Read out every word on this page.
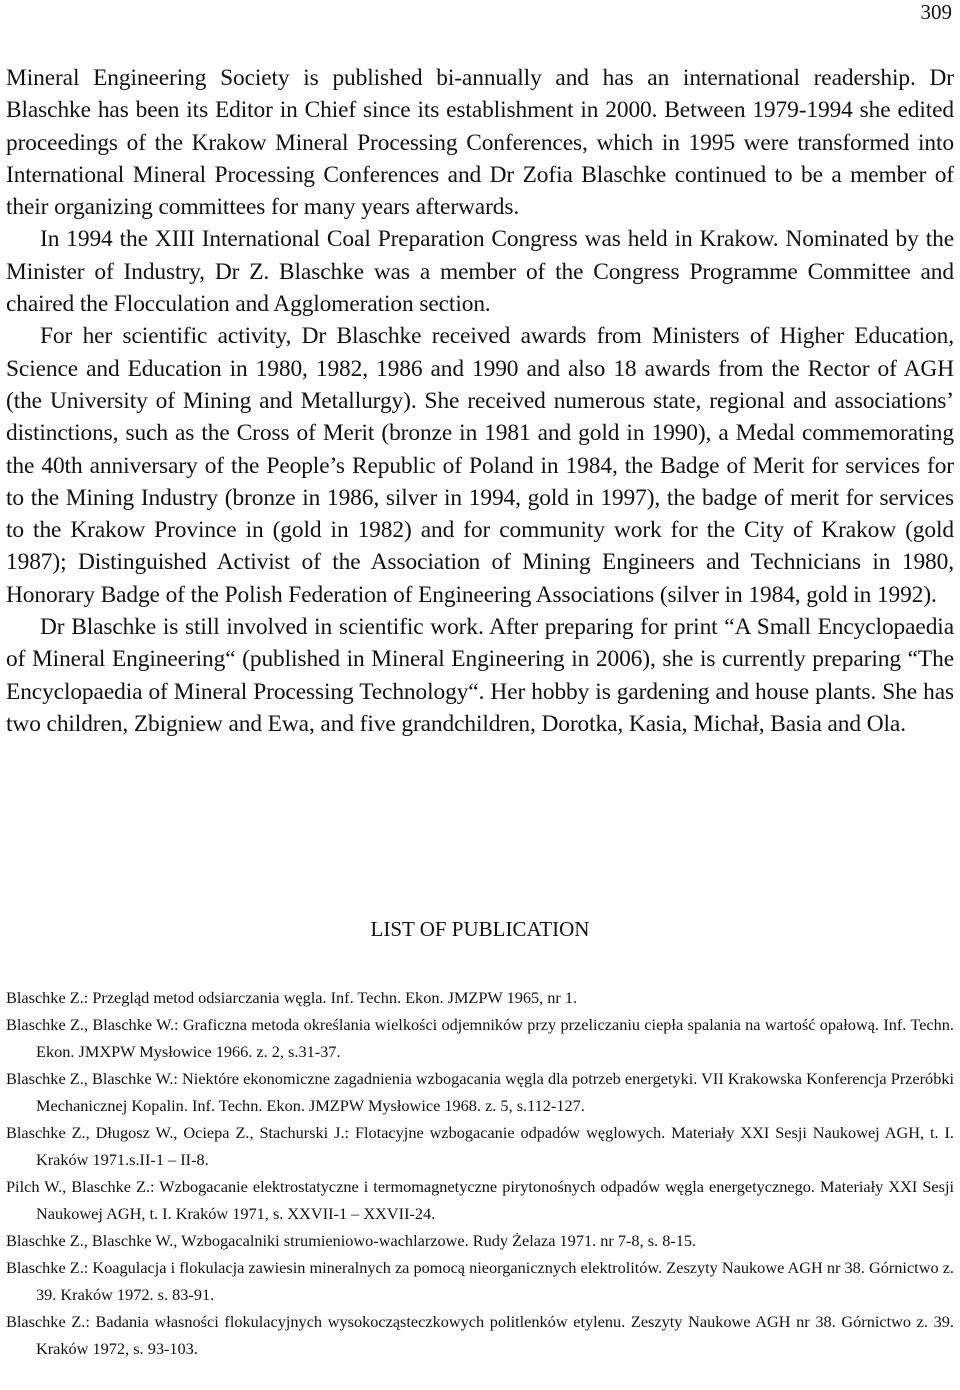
309

Mineral Engineering Society is published bi-annually and has an international readership. Dr Blaschke has been its Editor in Chief since its establishment in 2000. Between 1979-1994 she edited proceedings of the Krakow Mineral Processing Conferences, which in 1995 were transformed into International Mineral Processing Conferences and Dr Zofia Blaschke continued to be a member of their organizing committees for many years afterwards.

In 1994 the XIII International Coal Preparation Congress was held in Krakow. Nominated by the Minister of Industry, Dr Z. Blaschke was a member of the Congress Programme Committee and chaired the Flocculation and Agglomeration section.

For her scientific activity, Dr Blaschke received awards from Ministers of Higher Education, Science and Education in 1980, 1982, 1986 and 1990 and also 18 awards from the Rector of AGH (the University of Mining and Metallurgy). She received numerous state, regional and associations’ distinctions, such as the Cross of Merit (bronze in 1981 and gold in 1990), a Medal commemorating the 40th anniversary of the People’s Republic of Poland in 1984, the Badge of Merit for services for to the Mining Industry (bronze in 1986, silver in 1994, gold in 1997), the badge of merit for services to the Krakow Province in (gold in 1982) and for community work for the City of Krakow (gold 1987); Distinguished Activist of the Association of Mining Engineers and Technicians in 1980, Honorary Badge of the Polish Federation of Engineering Associations (silver in 1984, gold in 1992).

Dr Blaschke is still involved in scientific work. After preparing for print “A Small Encyclopaedia of Mineral Engineering“ (published in Mineral Engineering in 2006), she is currently preparing “The Encyclopaedia of Mineral Processing Technology“. Her hobby is gardening and house plants. She has two children, Zbigniew and Ewa, and five grandchildren, Dorotka, Kasia, Michał, Basia and Ola.

LIST OF PUBLICATION

Blaschke Z.: Przegląd metod odsiarczania węgla. Inf. Techn. Ekon. JMZPW 1965, nr 1.

Blaschke Z., Blaschke W.: Graficzna metoda określania wielkości odjemników przy przeliczaniu ciepła spalania na wartość opałową. Inf. Techn. Ekon. JMXPW Mysłowice 1966. z. 2, s.31-37.

Blaschke Z., Blaschke W.: Niektóre ekonomiczne zagadnienia wzbogacania węgla dla potrzeb energetyki. VII Krakowska Konferencja Przeróbki Mechanicznej Kopalin. Inf. Techn. Ekon. JMZPW Mysłowice 1968. z. 5, s.112-127.

Blaschke Z., Długosz W., Ociepa Z., Stachurski J.: Flotacyjne wzbogacanie odpadów węglowych. Materiały XXI Sesji Naukowej AGH, t. I. Kraków 1971.s.II-1 – II-8.

Pilch W., Blaschke Z.: Wzbogacanie elektrostatyczne i termomagnetyczne pirytonośnych odpadów węgla energetycznego. Materiały XXI Sesji Naukowej AGH, t. I. Kraków 1971, s. XXVII-1 – XXVII-24.

Blaschke Z., Blaschke W., Wzbogacalniki strumieniowo-wachlarzowe. Rudy Żelaza 1971. nr 7-8, s. 8-15.

Blaschke Z.: Koagulacja i flokulacja zawiesin mineralnych za pomocą nieorganicznych elektrolitów. Zeszyty Naukowe AGH nr 38. Górnictwo z. 39. Kraków 1972. s. 83-91.

Blaschke Z.: Badania własności flokulacyjnych wysokocząsteczkowych politlenków etylenu. Zeszyty Naukowe AGH nr 38. Górnictwo z. 39. Kraków 1972, s. 93-103.
